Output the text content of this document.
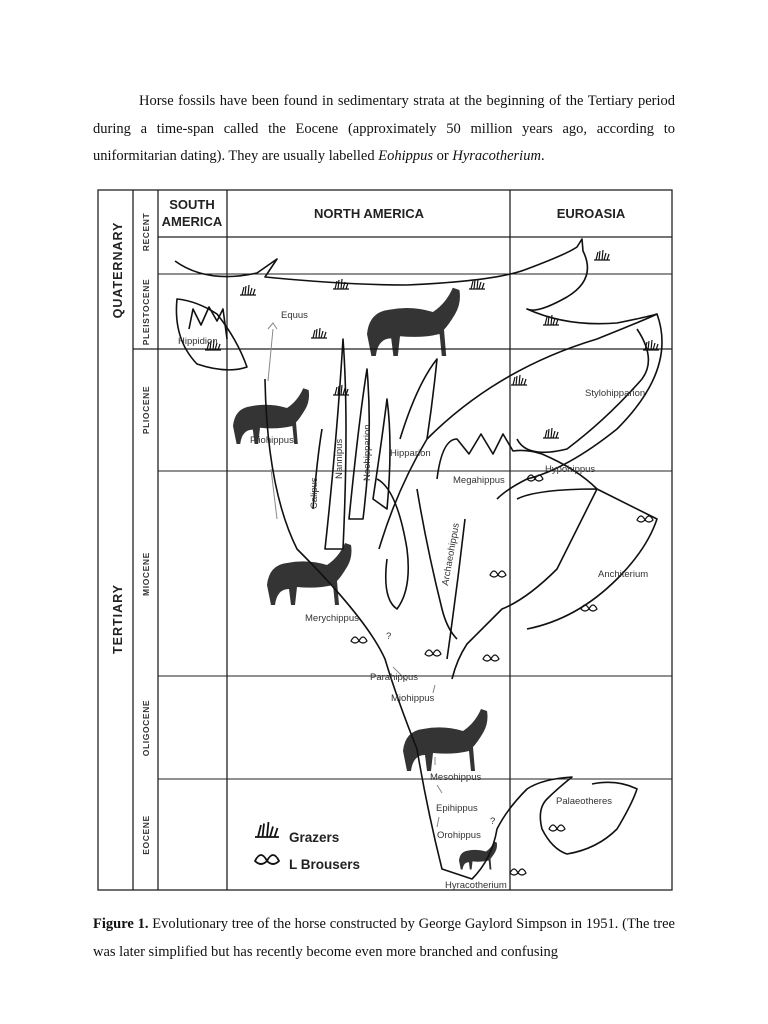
Horse fossils have been found in sedimentary strata at the beginning of the Tertiary period during a time-span called the Eocene (approximately 50 million years ago, according to uniformitarian dating). They are usually labelled Eohippus or Hyracotherium.

SOUTH
AMERICA
NORTH AMERICA	EUROASIA
QUATERNARY
TERTIARY
RECENT
PLEISTOCENE
PLIOCENE
MIOCENE
OLIGOCENE
EOCENE
Equus
Hippidion
Pliohippus
Calipus
Nannipus Neohipparion Hipparion
Stylohipparion
Hypohippus
Megahippus
Archaeohippus	Anchiterium
Merychippus
Parahippus
Miohippus
Mesohippus
Epihippus
Orohippus
Palaeotheres
Hyracotherium
?
?
Grazers
L Brousers

Figure 1. Evolutionary tree of the horse constructed by George Gaylord Simpson in 1951. (The tree was later simplified but has recently become even more branched and confusing
